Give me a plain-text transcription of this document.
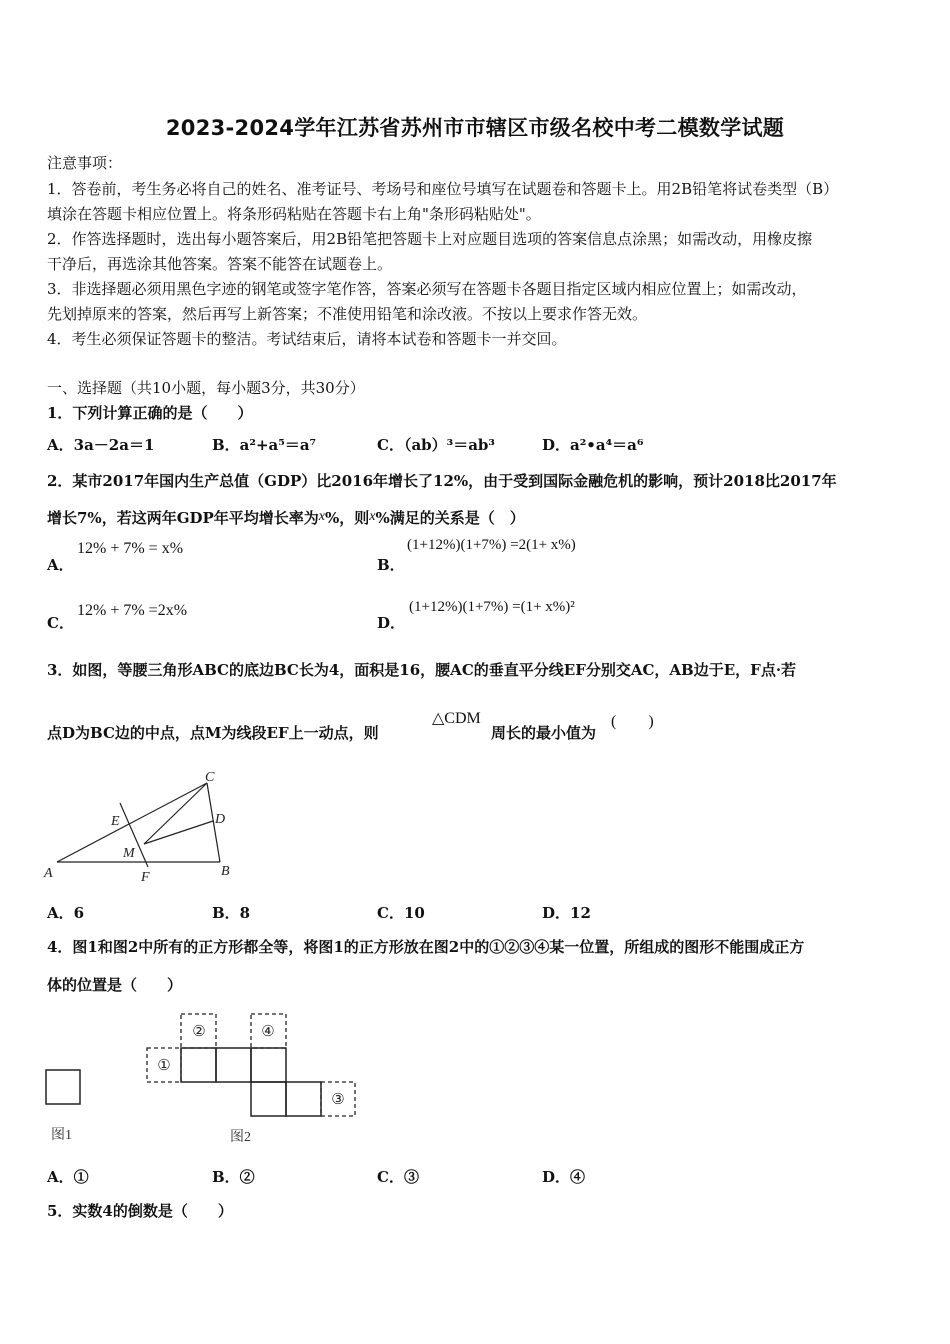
2023-2024学年江苏省苏州市市辖区市级名校中考二模数学试题
注意事项：
1．答卷前，考生务必将自己的姓名、准考证号、考场号和座位号填写在试题卷和答题卡上。用2B铅笔将试卷类型（B）
填涂在答题卡相应位置上。将条形码粘贴在答题卡右上角"条形码粘贴处"。
2．作答选择题时，选出每小题答案后，用2B铅笔把答题卡上对应题目选项的答案信息点涂黑；如需改动，用橡皮擦
干净后，再选涂其他答案。答案不能答在试题卷上。
3．非选择题必须用黑色字迹的钢笔或签字笔作答，答案必须写在答题卡各题目指定区域内相应位置上；如需改动，
先划掉原来的答案，然后再写上新答案；不准使用铅笔和涂改液。不按以上要求作答无效。
4．考生必须保证答题卡的整洁。考试结束后，请将本试卷和答题卡一并交回。
一、选择题（共10小题，每小题3分，共30分）
1．下列计算正确的是（　　）
A．3a－2a＝1	B．a²+a⁵＝a⁷	C．（ab）³＝ab³	D．a²•a⁴＝a⁶
2．某市2017年国内生产总值（GDP）比2016年增长了12%，由于受到国际金融危机的影响，预计2018比2017年
增长7%，若这两年GDP年平均增长率为x%，则x%满足的关系是（　）
A．
12% + 7% = x%
B．
(1+12%)(1+7%) =2(1+ x%)
C．
12% + 7% =2x%
D．
(1+12%)(1+7%) =(1+ x%)²
3．如图，等腰三角形ABC的底边BC长为4，面积是16，腰AC的垂直平分线EF分别交AC，AB边于E，F点·若
点D为BC边的中点，点M为线段EF上一动点，则
△CDM
周长的最小值为
(　　)
A	B
C
D
E
F
M
A．6	B．8	C．10	D．12
4．图1和图2中所有的正方形都全等，将图1的正方形放在图2中的①②③④某一位置，所组成的图形不能围成正方
体的位置是（　　）
图1
①
②
③
④
图2
A．①	B．②	C．③	D．④
5．实数4的倒数是（　　）
